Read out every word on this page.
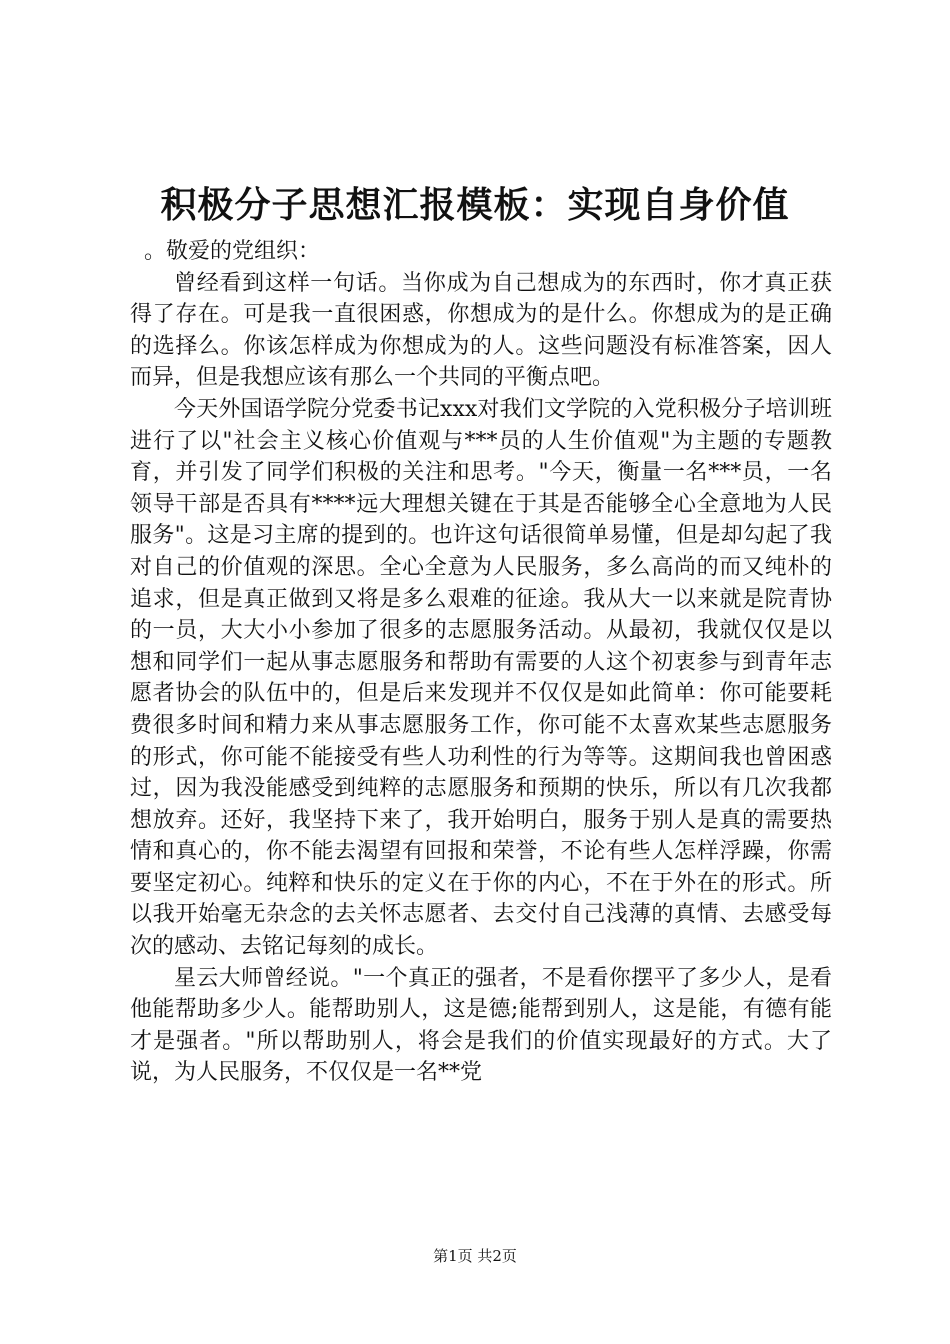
积极分子思想汇报模板：实现自身价值

。敬爱的党组织：

曾经看到这样一句话。当你成为自己想成为的东西时，你才真正获得了存在。可是我一直很困惑，你想成为的是什么。你想成为的是正确的选择么。你该怎样成为你想成为的人。这些问题没有标准答案，因人而异，但是我想应该有那么一个共同的平衡点吧。

今天外国语学院分党委书记xxx对我们文学院的入党积极分子培训班进行了以"社会主义核心价值观与***员的人生价值观"为主题的专题教育，并引发了同学们积极的关注和思考。"今天，衡量一名***员，一名领导干部是否具有****远大理想关键在于其是否能够全心全意地为人民服务"。这是习主席的提到的。也许这句话很简单易懂，但是却勾起了我对自己的价值观的深思。全心全意为人民服务，多么高尚的而又纯朴的追求，但是真正做到又将是多么艰难的征途。我从大一以来就是院青协的一员，大大小小参加了很多的志愿服务活动。从最初，我就仅仅是以想和同学们一起从事志愿服务和帮助有需要的人这个初衷参与到青年志愿者协会的队伍中的，但是后来发现并不仅仅是如此简单：你可能要耗费很多时间和精力来从事志愿服务工作，你可能不太喜欢某些志愿服务的形式，你可能不能接受有些人功利性的行为等等。这期间我也曾困惑过，因为我没能感受到纯粹的志愿服务和预期的快乐，所以有几次我都想放弃。还好，我坚持下来了，我开始明白，服务于别人是真的需要热情和真心的，你不能去渴望有回报和荣誉，不论有些人怎样浮躁，你需要坚定初心。纯粹和快乐的定义在于你的内心，不在于外在的形式。所以我开始毫无杂念的去关怀志愿者、去交付自己浅薄的真情、去感受每次的感动、去铭记每刻的成长。

星云大师曾经说。"一个真正的强者，不是看你摆平了多少人，是看他能帮助多少人。能帮助别人，这是德;能帮到别人，这是能，有德有能才是强者。"所以帮助别人，将会是我们的价值实现最好的方式。大了说，为人民服务，不仅仅是一名**党

第1页 共2页
